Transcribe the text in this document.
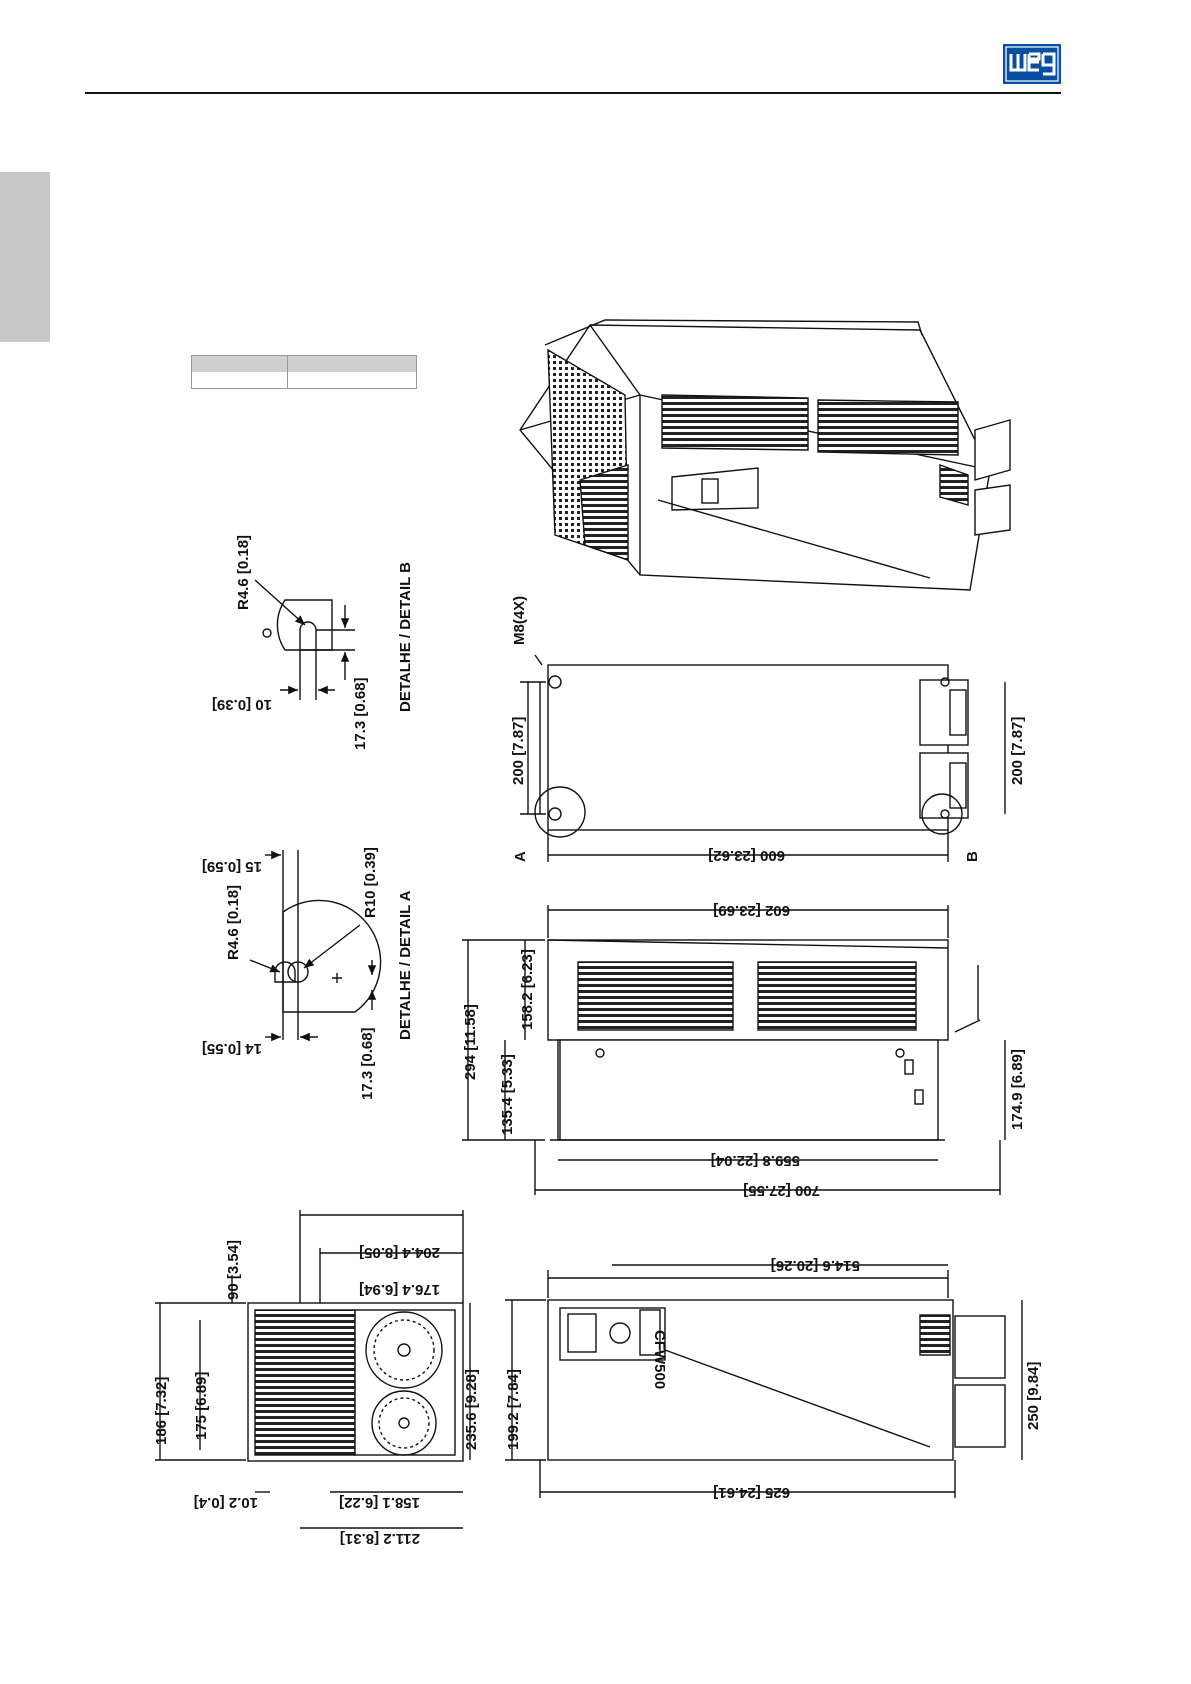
R4.6 [0.18]
10 [0.39]	17.3 [0.68]
DETALHE / DETAIL B
15 [0.59]
R4.6 [0.18]
R10 [0.39]
14 [0.55]	17.3 [0.68]
DETALHE / DETAIL A
M8(4X)
200 [7.87]
600 [23.62]
200 [7.87]
A	B
602 [23.69]
294 [11.58]
158.2 [6.23]
135.4 [5.33]
559.8 [22.04]
700 [27.55]
174.9 [6.89]
514.6 [20.26]
199.2 [7.84]
625 [24.61]
250 [9.84]
CFW500
90 [3.54]	204.4 [8.05]
176.4 [6.94]
186 [7.32] 175 [6.89]	235.6 [9.28]
10.2 [0.4]	158.1 [6.22]
211.2 [8.31]
